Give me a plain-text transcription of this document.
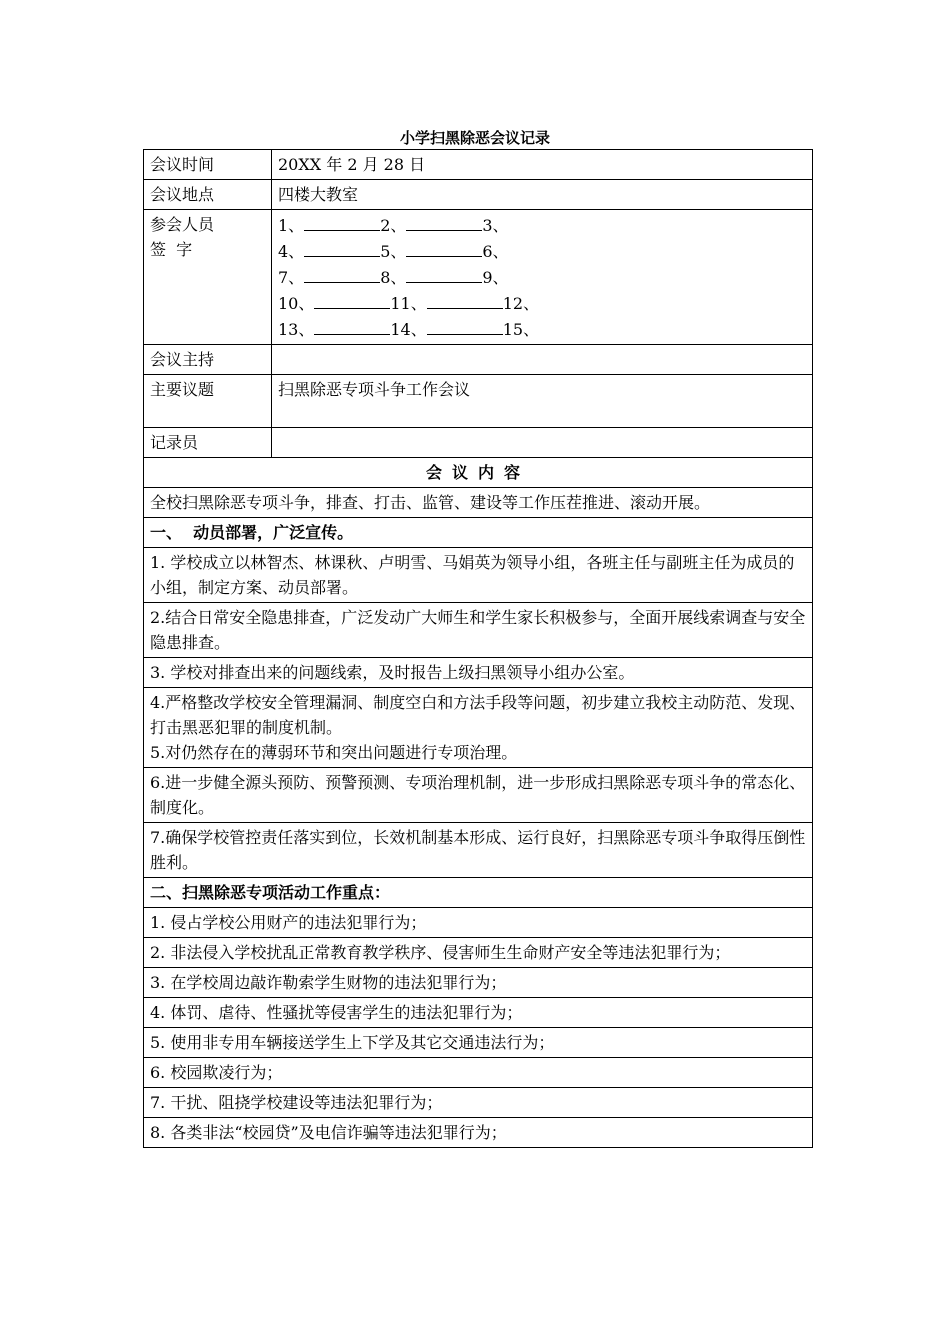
小学扫黑除恶会议记录
会议时间	20XX 年 2 月 28 日
会议地点	四楼大教室

参会人员
签  字	1、 2、 3、
4、 5、 6、
7、 8、 9、
10、 11、 12、
13、 14、 15、

会议主持	
主要议题	扫黑除恶专项斗争工作会议
记录员	
会议内容	
全校扫黑除恶专项斗争，排查、打击、监管、建设等工作压茬推进、滚动开展。	
一、  动员部署，广泛宣传。	
1. 学校成立以林智杰、林课秋、卢明雪、马娟英为领导小组，各班主任与副班主任为成员的小组，制定方案、动员部署。	
2.结合日常安全隐患排查，广泛发动广大师生和学生家长积极参与，全面开展线索调查与安全隐患排查。	
3. 学校对排查出来的问题线索，及时报告上级扫黑领导小组办公室。	

4.严格整改学校安全管理漏洞、制度空白和方法手段等问题，初步建立我校主动防范、发现、打击黑恶犯罪的制度机制。
5.对仍然存在的薄弱环节和突出问题进行专项治理。	

6.进一步健全源头预防、预警预测、专项治理机制，进一步形成扫黑除恶专项斗争的常态化、制度化。	
7.确保学校管控责任落实到位，长效机制基本形成、运行良好，扫黑除恶专项斗争取得压倒性胜利。	
二、扫黑除恶专项活动工作重点：	
1. 侵占学校公用财产的违法犯罪行为；	
2. 非法侵入学校扰乱正常教育教学秩序、侵害师生生命财产安全等违法犯罪行为；	
3. 在学校周边敲诈勒索学生财物的违法犯罪行为；	
4. 体罚、虐待、性骚扰等侵害学生的违法犯罪行为；	
5. 使用非专用车辆接送学生上下学及其它交通违法行为；	
6. 校园欺凌行为；	
7. 干扰、阻挠学校建设等违法犯罪行为；	
8. 各类非法“校园贷”及电信诈骗等违法犯罪行为；	
